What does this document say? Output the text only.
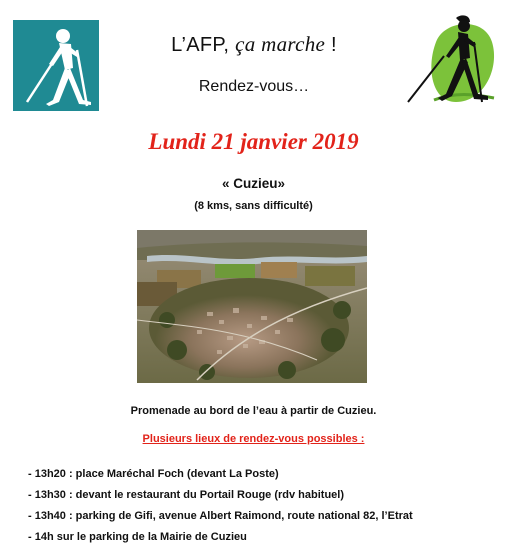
L’AFP, ça marche !
Rendez-vous…
Lundi 21 janvier 2019
« Cuzieu»
(8 kms, sans difficulté)
Promenade au bord de l’eau à partir de Cuzieu.
Plusieurs lieux de rendez-vous possibles :
- 13h20 : place Maréchal Foch (devant La Poste)
- 13h30 : devant le restaurant du Portail Rouge (rdv habituel)
- 13h40 : parking de Gifi, avenue Albert Raimond, route national 82, l’Etrat
- 14h sur le parking de la Mairie de Cuzieu
